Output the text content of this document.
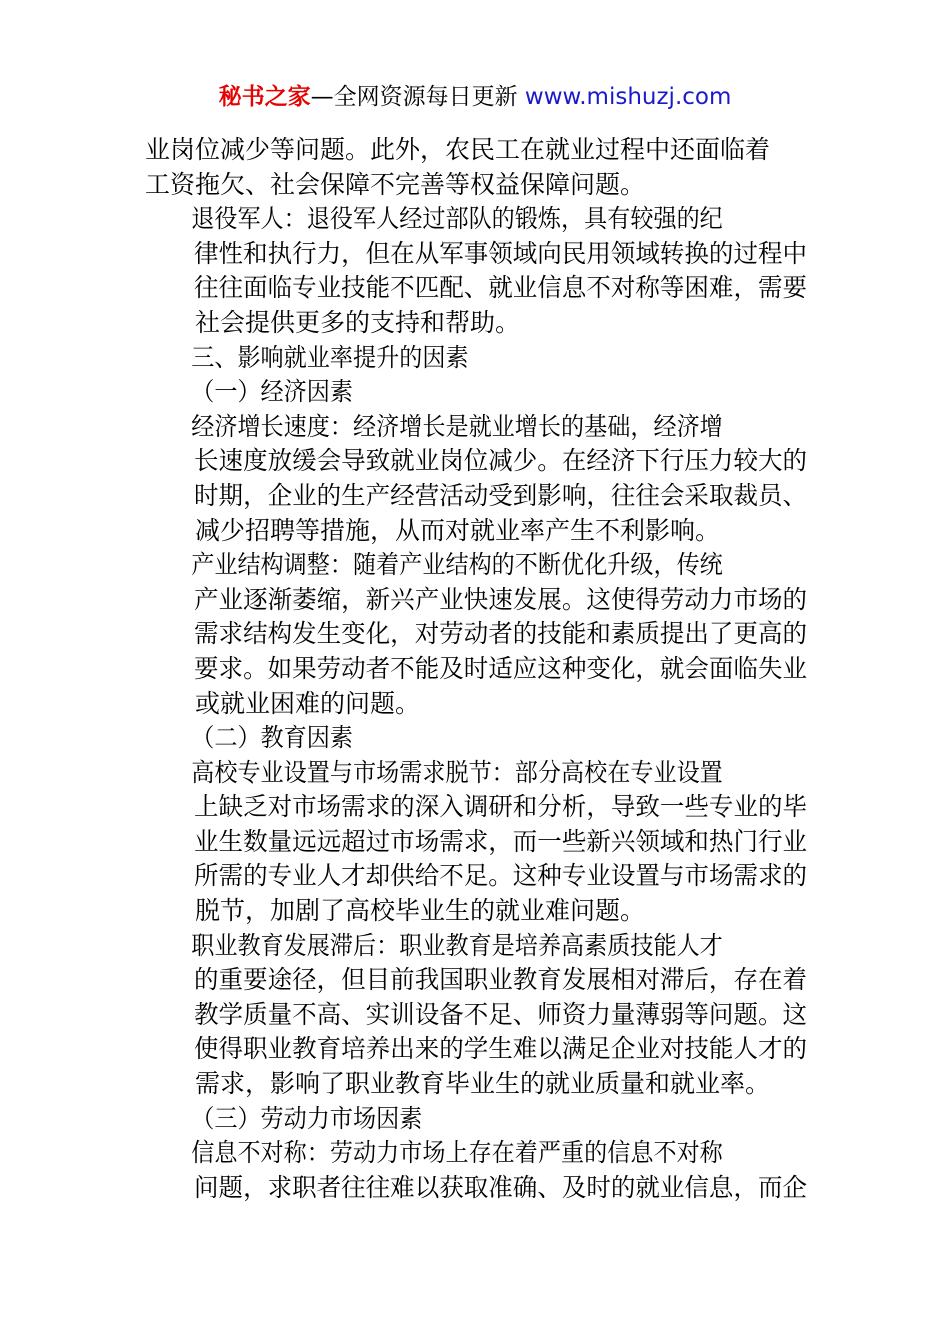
秘书之家—全网资源每日更新 www.mishuzj.com

业岗位减少等问题。此外，农民工在就业过程中还面临着
工资拖欠、社会保障不完善等权益保障问题。

退役军人：退役军人经过部队的锻炼，具有较强的纪
律性和执行力，但在从军事领域向民用领域转换的过程中
往往面临专业技能不匹配、就业信息不对称等困难，需要
社会提供更多的支持和帮助。

三、影响就业率提升的因素

（一）经济因素

经济增长速度：经济增长是就业增长的基础，经济增
长速度放缓会导致就业岗位减少。在经济下行压力较大的
时期，企业的生产经营活动受到影响，往往会采取裁员、
减少招聘等措施，从而对就业率产生不利影响。

产业结构调整：随着产业结构的不断优化升级，传统
产业逐渐萎缩，新兴产业快速发展。这使得劳动力市场的
需求结构发生变化，对劳动者的技能和素质提出了更高的
要求。如果劳动者不能及时适应这种变化，就会面临失业
或就业困难的问题。

（二）教育因素

高校专业设置与市场需求脱节：部分高校在专业设置
上缺乏对市场需求的深入调研和分析，导致一些专业的毕
业生数量远远超过市场需求，而一些新兴领域和热门行业
所需的专业人才却供给不足。这种专业设置与市场需求的
脱节，加剧了高校毕业生的就业难问题。

职业教育发展滞后：职业教育是培养高素质技能人才
的重要途径，但目前我国职业教育发展相对滞后，存在着
教学质量不高、实训设备不足、师资力量薄弱等问题。这
使得职业教育培养出来的学生难以满足企业对技能人才的
需求，影响了职业教育毕业生的就业质量和就业率。

（三）劳动力市场因素

信息不对称：劳动力市场上存在着严重的信息不对称
问题，求职者往往难以获取准确、及时的就业信息，而企
